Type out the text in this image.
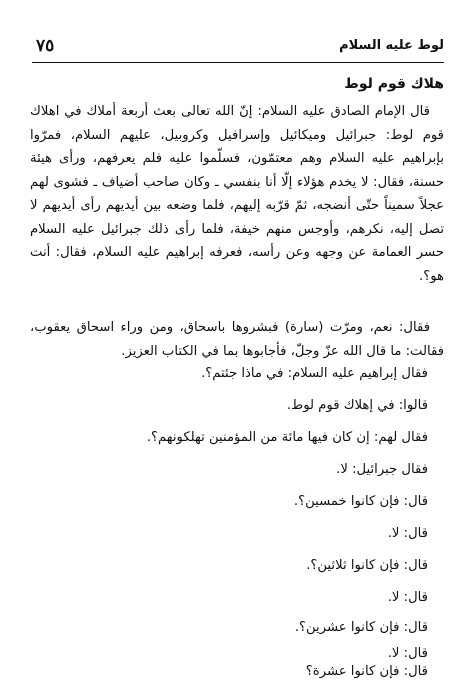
لوط عليه السلام
٧٥
هلاك قوم لوط
قال الإمام الصادق عليه السلام: إنّ الله تعالى بعث أربعة أملاك في اهلاك قوم لوط: جبرائيل وميكائيل وإسرافيل وكروبيل، عليهم السلام، فمرّوا بإبراهيم عليه السلام وهم معتمّون، فسلّموا عليه فلم يعرفهم، ورأى هيئة حسنة، فقال: لا يخدم هؤلاء إلّا أنا بنفسي ـ وكان صاحب أضياف ـ فشوى لهم عجلاً سميناً حتّى أنضجه، ثمّ قرّبه إليهم، فلما وضعه بين أيديهم رأى أيديهم لا تصل إليه، نكرهم، وأوجس منهم خيفة، فلما رأى ذلك جبرائيل عليه السلام حسر العمامة عن وجهه وعن رأسه، فعرفه إبراهيم عليه السلام، فقال: أنت هو؟.
فقال: نعم، ومرّت (سارة) فبشروها باسحاق، ومن وراء اسحاق يعقوب، فقالت: ما قال الله عزّ وجلّ، فأجابوها بما في الكتاب العزيز.
فقال إبراهيم عليه السلام: في ماذا جئتم؟.
قالوا: في إهلاك قوم لوط.
فقال لهم: إن كان فيها مائة من المؤمنين تهلكونهم؟.
فقال جبرائيل: لا.
قال: فإن كانوا خمسين؟.
قال: لا.
قال: فإن كانوا ثلاثين؟.
قال: لا.
قال: فإن كانوا عشرين؟.
قال: لا.
قال: فإن كانوا عشرة؟
